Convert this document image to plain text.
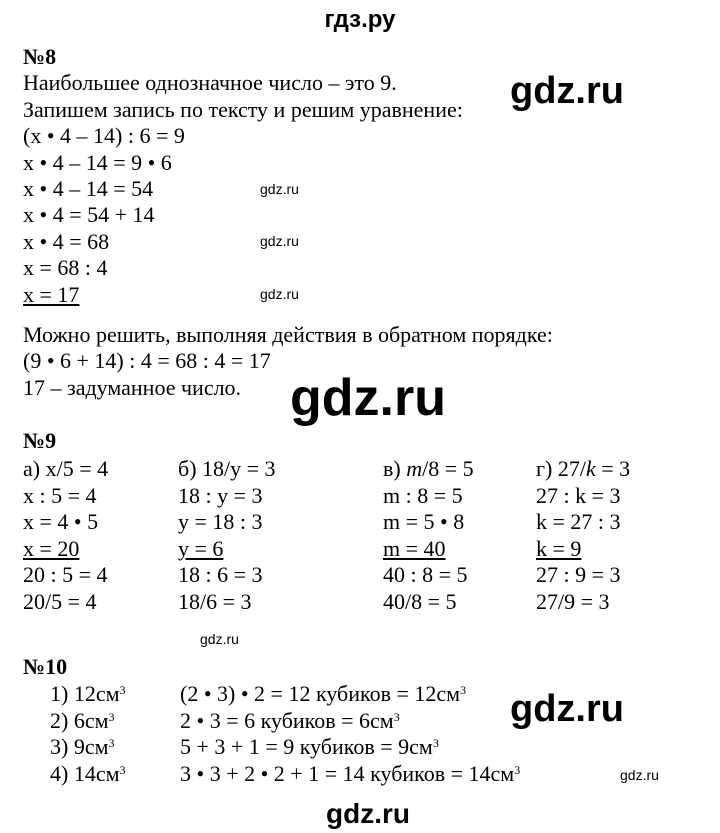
гдз.ру
№8
Наибольшее однозначное число – это 9.
Запишем запись по тексту и решим уравнение:
(x • 4 – 14) : 6 = 9
x • 4 – 14 = 9 • 6
x • 4 – 14 = 54
x • 4 = 54 + 14
x • 4 = 68
x = 68 : 4
x = 17
Можно решить, выполняя действия в обратном порядке:
(9 • 6 + 14) : 4 = 68 : 4 = 17
17 – задуманное число.
№9
а) x/5 = 4
x : 5 = 4
x = 4 • 5
x = 20
20 : 5 = 4
20/5 = 4
б) 18/y = 3
18 : y = 3
y = 18 : 3
y = 6
18 : 6 = 3
18/6 = 3
в) m/8 = 5
m : 8 = 5
m = 5 • 8
m = 40
40 : 8 = 5
40/8 = 5
г) 27/k = 3
27 : k = 3
k = 27 : 3
k = 9
27 : 9 = 3
27/9 = 3
№10
1) $12см^3$ (2 • 3) • 2 = 12 кубиков = $12см^3$
2) $6см^3$	2 • 3 = 6 кубиков = $6см^3$
3) $9см^3$	5 + 3 + 1 = 9 кубиков = $9см^3$
4) $14см^3$ 3 • 3 + 2 • 2 + 1 = 14 кубиков = $14см^3$
gdz.ru
gdz.ru
gdz.ru
gdz.ru
gdz.ru
gdz.ru
gdz.ru
gdz.ru
gdz.ru
